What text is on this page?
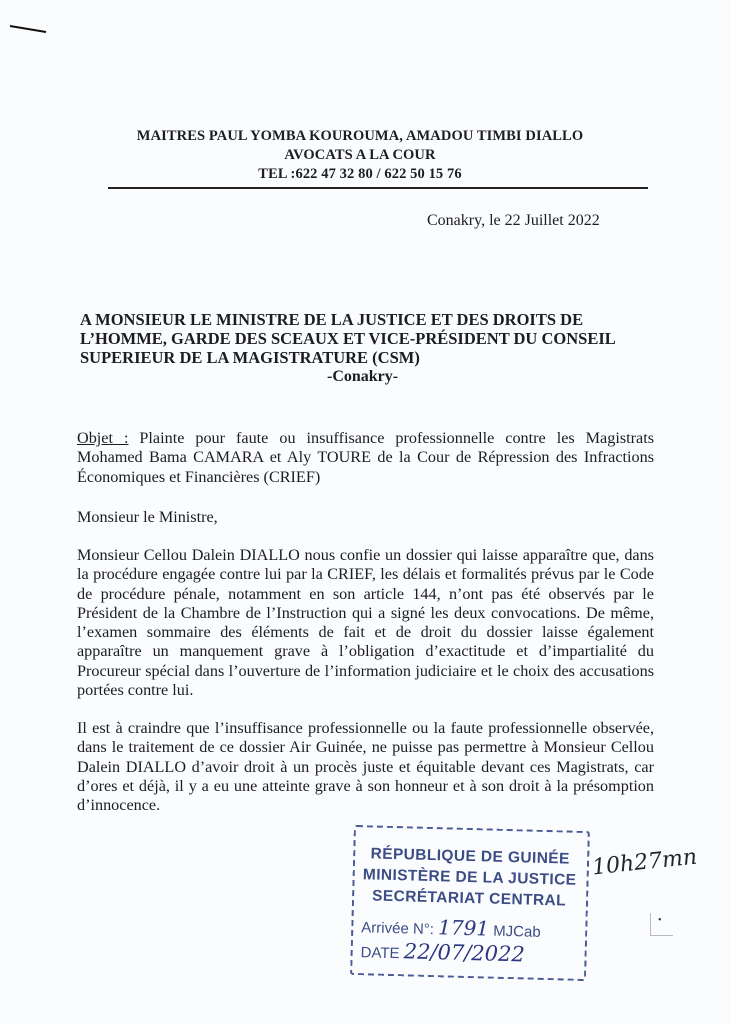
MAITRES PAUL YOMBA KOUROUMA, AMADOU TIMBI DIALLO
AVOCATS A LA COUR
TEL :622 47 32 80 / 622 50 15 76
Conakry, le 22 Juillet 2022
A MONSIEUR LE MINISTRE DE LA JUSTICE ET DES DROITS DE
L’HOMME, GARDE DES SCEAUX ET VICE-PRÉSIDENT DU CONSEIL
SUPERIEUR DE LA MAGISTRATURE (CSM)
-Conakry-
Objet : Plainte pour faute ou insuffisance professionnelle contre les Magistrats Mohamed Bama CAMARA et Aly TOURE de la Cour de Répression des Infractions Économiques et Financières (CRIEF)
Monsieur le Ministre,
Monsieur Cellou Dalein DIALLO nous confie un dossier qui laisse apparaître que, dans la procédure engagée contre lui par la CRIEF, les délais et formalités prévus par le Code de procédure pénale, notamment en son article 144, n’ont pas été observés par le Président de la Chambre de l’Instruction qui a signé les deux convocations. De même, l’examen sommaire des éléments de fait et de droit du dossier laisse également apparaître un manquement grave à l’obligation d’exactitude et d’impartialité du Procureur spécial dans l’ouverture de l’information judiciaire et le choix des accusations portées contre lui.
Il est à craindre que l’insuffisance professionnelle ou la faute professionnelle observée, dans le traitement de ce dossier Air Guinée, ne puisse pas permettre à Monsieur Cellou Dalein DIALLO d’avoir droit à un procès juste et équitable devant ces Magistrats, car d’ores et déjà, il y a eu une atteinte grave à son honneur et à son droit à la présomption d’innocence.
RÉPUBLIQUE DE GUINÉE
MINISTÈRE DE LA JUSTICE
SECRÉTARIAT CENTRAL
Arrivée N°: 1791 MJCab
DATE 22/07/2022
10h27mn
•
